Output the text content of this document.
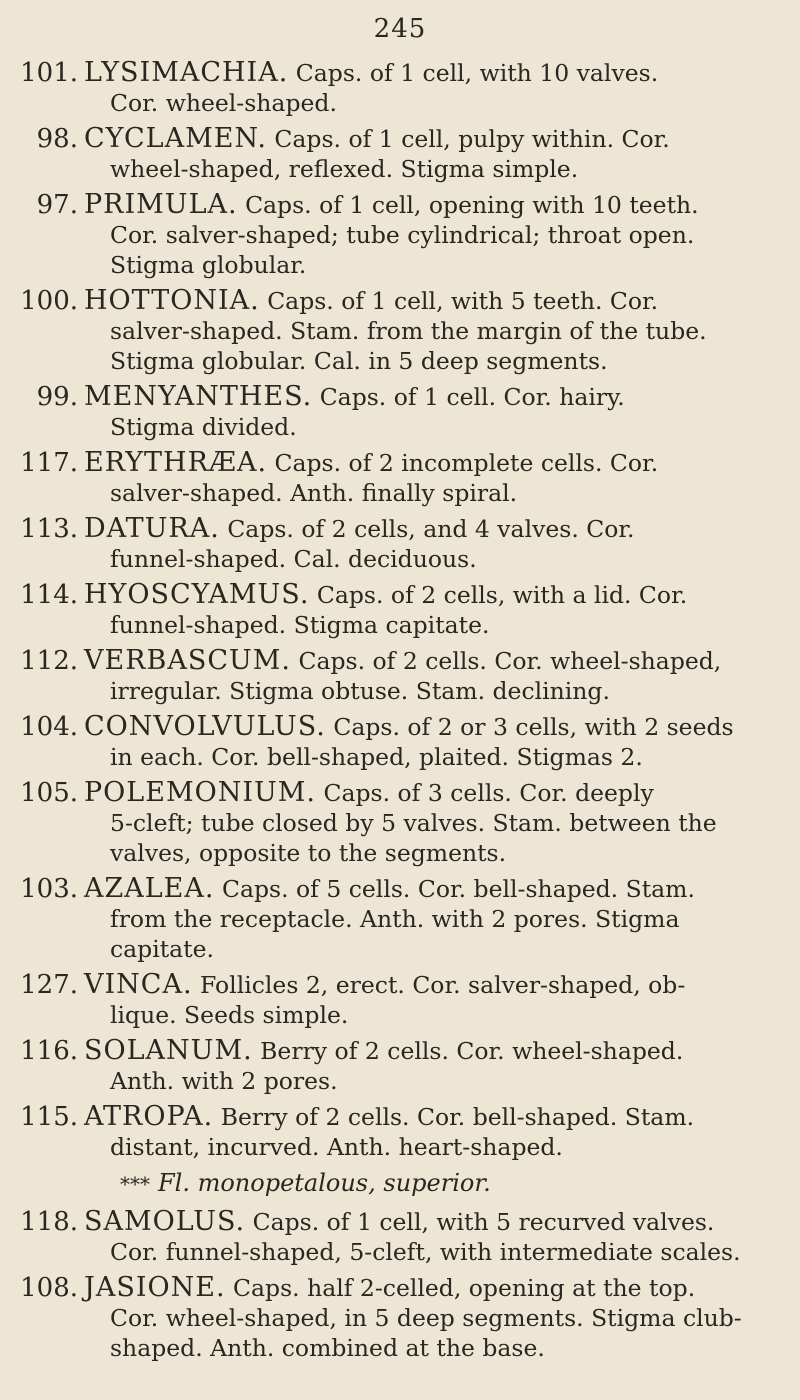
245
101. LYSIMACHIA. Caps. of 1 cell, with 10 valves.
Cor. wheel-shaped.
98. CYCLAMEN. Caps. of 1 cell, pulpy within. Cor.
wheel-shaped, reflexed. Stigma simple.
97. PRIMULA. Caps. of 1 cell, opening with 10 teeth.
Cor. salver-shaped; tube cylindrical; throat open.
Stigma globular.
100. HOTTONIA. Caps. of 1 cell, with 5 teeth. Cor.
salver-shaped. Stam. from the margin of the tube.
Stigma globular. Cal. in 5 deep segments.
99. MENYANTHES. Caps. of 1 cell. Cor. hairy.
Stigma divided.
117. ERYTHRÆA. Caps. of 2 incomplete cells. Cor.
salver-shaped. Anth. finally spiral.
113. DATURA. Caps. of 2 cells, and 4 valves. Cor.
funnel-shaped. Cal. deciduous.
114. HYOSCYAMUS. Caps. of 2 cells, with a lid. Cor.
funnel-shaped. Stigma capitate.
112. VERBASCUM. Caps. of 2 cells. Cor. wheel-shaped,
irregular. Stigma obtuse. Stam. declining.
104. CONVOLVULUS. Caps. of 2 or 3 cells, with 2 seeds
in each. Cor. bell-shaped, plaited. Stigmas 2.
105. POLEMONIUM. Caps. of 3 cells. Cor. deeply
5-cleft; tube closed by 5 valves. Stam. between the
valves, opposite to the segments.
103. AZALEA. Caps. of 5 cells. Cor. bell-shaped. Stam.
from the receptacle. Anth. with 2 pores. Stigma
capitate.
127. VINCA. Follicles 2, erect. Cor. salver-shaped, ob-
lique. Seeds simple.
116. SOLANUM. Berry of 2 cells. Cor. wheel-shaped.
Anth. with 2 pores.
115. ATROPA. Berry of 2 cells. Cor. bell-shaped. Stam.
distant, incurved. Anth. heart-shaped.
*** Fl. monopetalous, superior.
118. SAMOLUS. Caps. of 1 cell, with 5 recurved valves.
Cor. funnel-shaped, 5-cleft, with intermediate scales.
108. JASIONE. Caps. half 2-celled, opening at the top.
Cor. wheel-shaped, in 5 deep segments. Stigma club-
shaped. Anth. combined at the base.
